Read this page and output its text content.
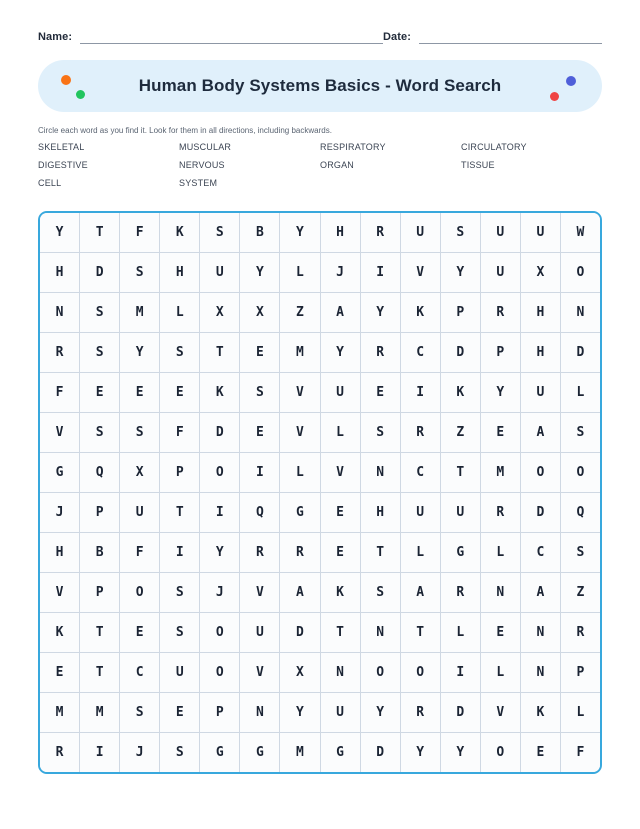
Name:	Date:
Human Body Systems Basics - Word Search
Circle each word as you find it. Look for them in all directions, including backwards.
SKELETAL	MUSCULAR	RESPIRATORY	CIRCULATORY
DIGESTIVE	NERVOUS	ORGAN	TISSUE
CELL	SYSTEM
Y	T	F	K	S	B	Y	H	R	U	S	U	U	W
H	D	S	H	U	Y	L	J	I	V	Y	U	X	O
N	S	M	L	X	X	Z	A	Y	K	P	R	H	N
R	S	Y	S	T	E	M	Y	R	C	D	P	H	D
F	E	E	E	K	S	V	U	E	I	K	Y	U	L
V	S	S	F	D	E	V	L	S	R	Z	E	A	S
G	Q	X	P	O	I	L	V	N	C	T	M	O	O
J	P	U	T	I	Q	G	E	H	U	U	R	D	Q
H	B	F	I	Y	R	R	E	T	L	G	L	C	S
V	P	O	S	J	V	A	K	S	A	R	N	A	Z
K	T	E	S	O	U	D	T	N	T	L	E	N	R
E	T	C	U	O	V	X	N	O	O	I	L	N	P
M	M	S	E	P	N	Y	U	Y	R	D	V	K	L
R	I	J	S	G	G	M	G	D	Y	Y	O	E	F
